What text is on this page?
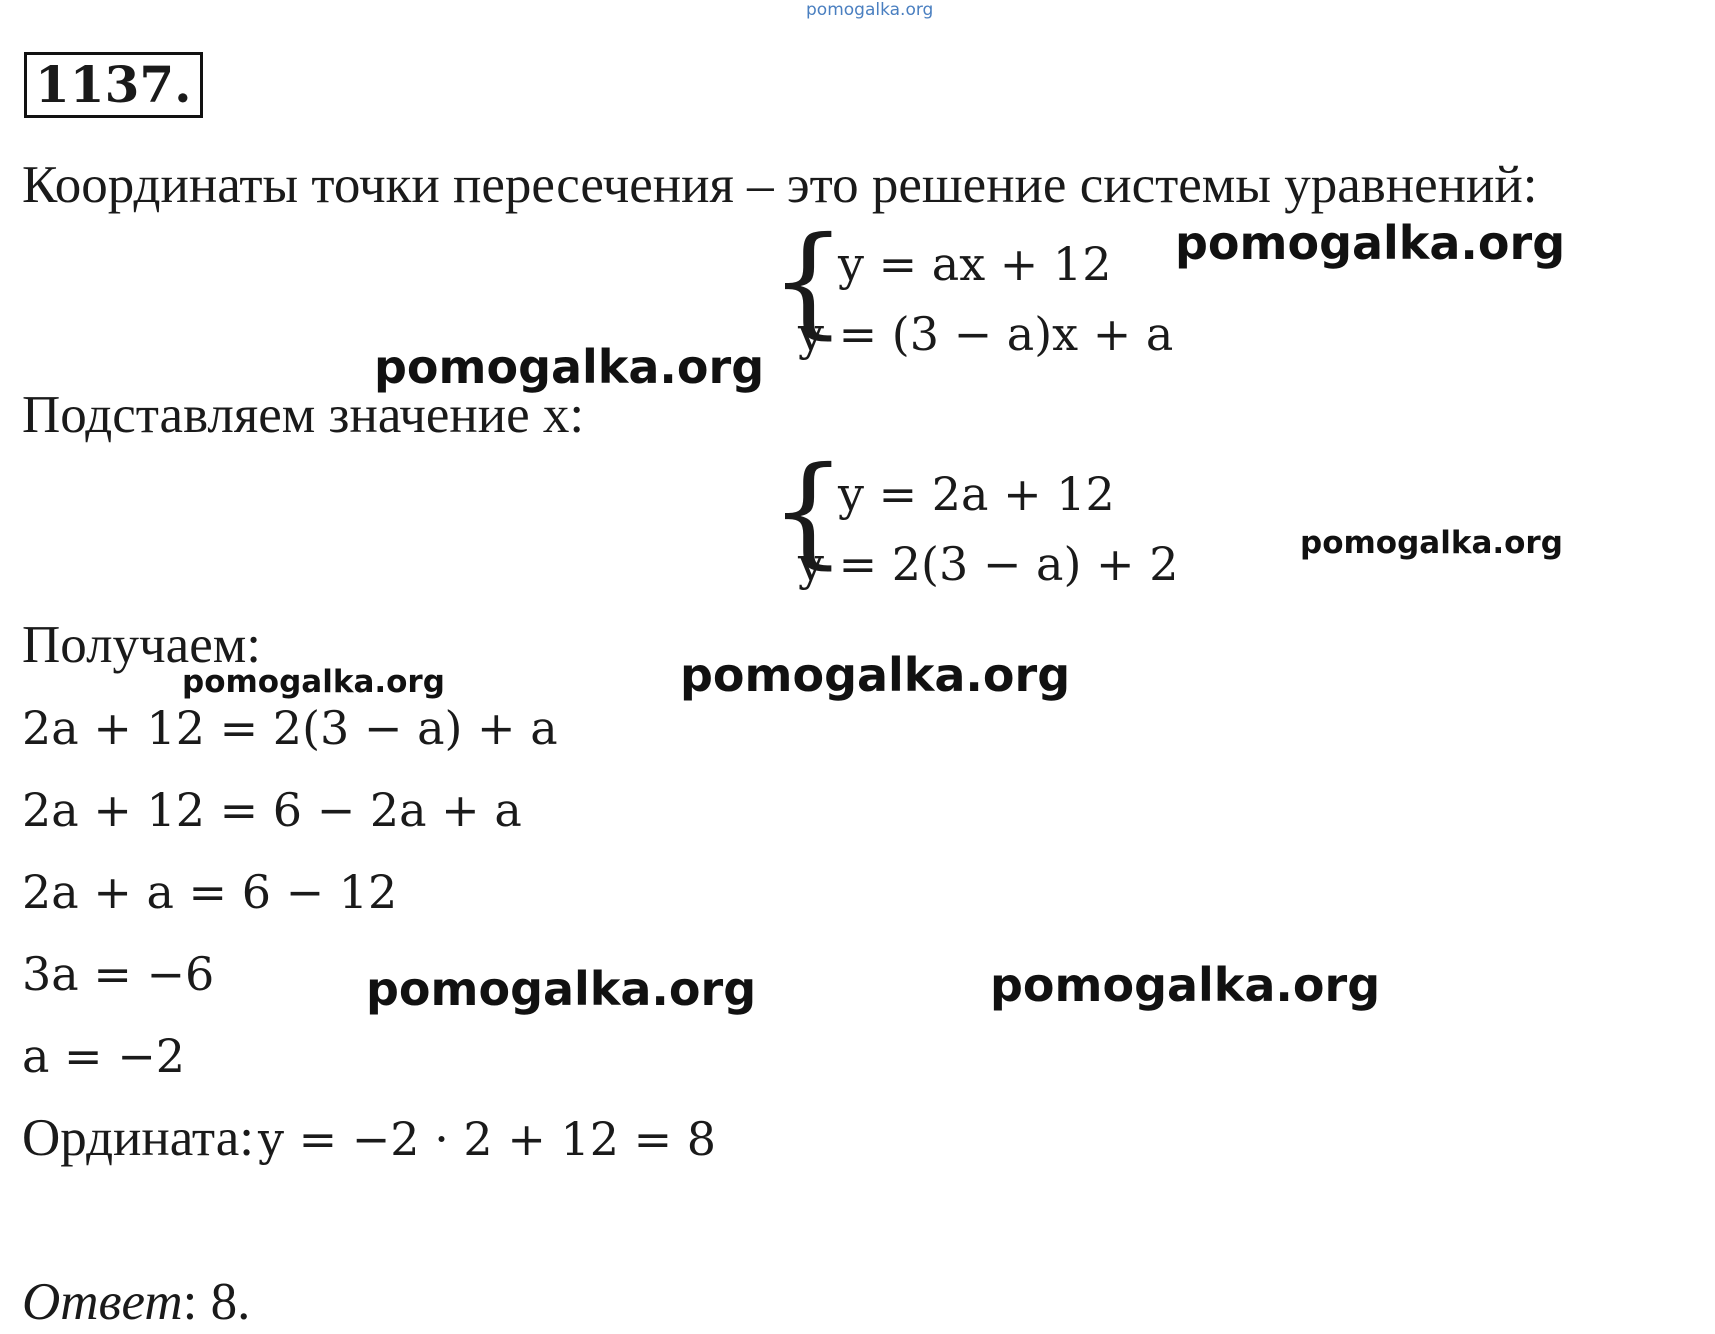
pomogalka.org
1137.
Координаты точки пересечения – это решение системы уравнений:
{
y = ax + 12
y = (3 − a)x + a
pomogalka.org
pomogalka.org
Подставляем значение x:
{
y = 2a + 12
y = 2(3 − a) + 2	pomogalka.org
Получаем:
pomogalka.org	pomogalka.org
2a + 12 = 2(3 − a) + a
2a + 12 = 6 − 2a + a
2a + a = 6 − 12
3a = −6
a = −2
pomogalka.org	pomogalka.org
Ордината: y = −2 · 2 + 12 = 8
Ответ: 8.
